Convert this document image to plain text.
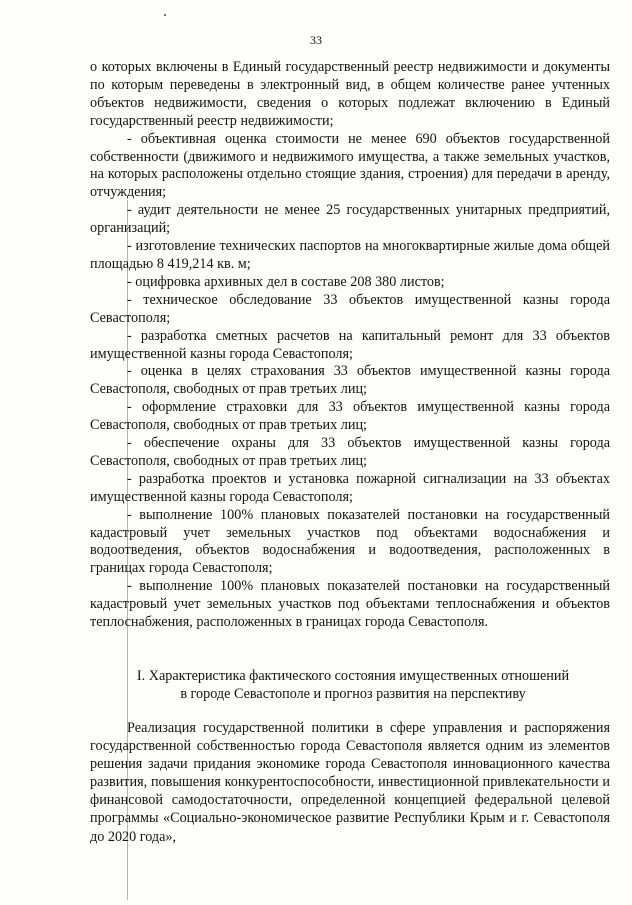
33

о которых включены в Единый государственный реестр недвижимости и документы по которым переведены в электронный вид, в общем количестве ранее учтенных объектов недвижимости, сведения о которых подлежат включению в Единый государственный реестр недвижимости;

- объективная оценка стоимости не менее 690 объектов государственной собственности (движимого и недвижимого имущества, а также земельных участков, на которых расположены отдельно стоящие здания, строения) для передачи в аренду, отчуждения;

- аудит деятельности не менее 25 государственных унитарных предприятий, организаций;

- изготовление технических паспортов на многоквартирные жилые дома общей площадью 8 419,214 кв. м;

- оцифровка архивных дел в составе 208 380 листов;

- техническое обследование 33 объектов имущественной казны города Севастополя;

- разработка сметных расчетов на капитальный ремонт для 33 объектов имущественной казны города Севастополя;

- оценка в целях страхования 33 объектов имущественной казны города Севастополя, свободных от прав третьих лиц;

- оформление страховки для 33 объектов имущественной казны города Севастополя, свободных от прав третьих лиц;

- обеспечение охраны для 33 объектов имущественной казны города Севастополя, свободных от прав третьих лиц;

- разработка проектов и установка пожарной сигнализации на 33 объектах имущественной казны города Севастополя;

- выполнение 100% плановых показателей постановки на государственный кадастровый учет земельных участков под объектами водоснабжения и водоотведения, объектов водоснабжения и водоотведения, расположенных в границах города Севастополя;

- выполнение 100% плановых показателей постановки на государственный кадастровый учет земельных участков под объектами теплоснабжения и объектов теплоснабжения, расположенных в границах города Севастополя.

I. Характеристика фактического состояния имущественных отношений
в городе Севастополе и прогноз развития на перспективу

Реализация государственной политики в сфере управления и распоряжения государственной собственностью города Севастополя является одним из элементов решения задачи придания экономике города Севастополя инновационного качества развития, повышения конкурентоспособности, инвестиционной привлекательности и финансовой самодостаточности, определенной концепцией федеральной целевой программы «Социально-экономическое развитие Республики Крым и г. Севастополя до 2020 года»,
